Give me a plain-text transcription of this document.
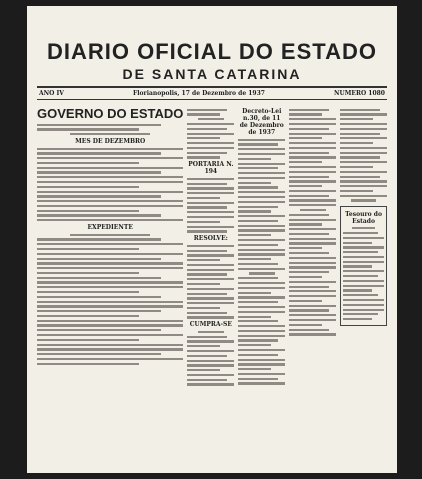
DIARIO OFICIAL DO ESTADO
DE SANTA CATARINA
ANO IV	Florianopolis, 17 de Dezembro de 1937	NUMERO 1080
GOVERNO DO ESTADO
MES DE DEZEMBRO
EXPEDIENTE
PORTARIA N. 194
RESOLVE:
CUMPRA-SE
Decreto-Lei n.30, de 11 de Dezembro de 1937
Tesouro do Estado
